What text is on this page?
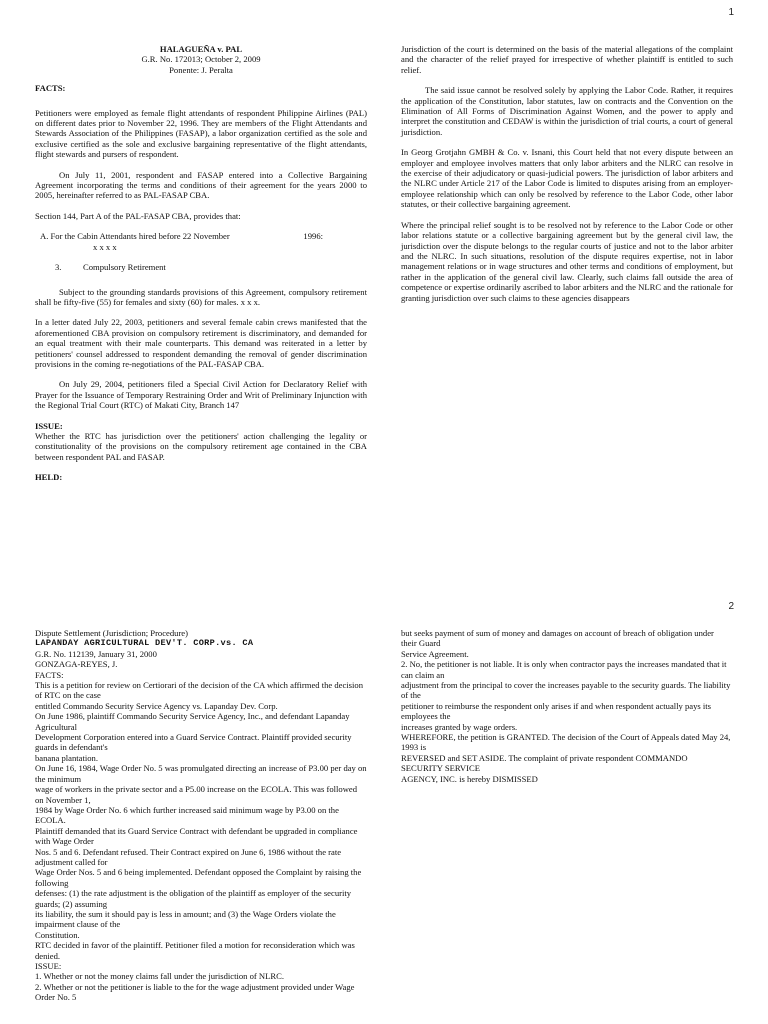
1
HALAGUEÑA v. PAL
G.R. No. 172013; October 2, 2009
Ponente: J. Peralta
FACTS:

Petitioners were employed as female flight attendants of respondent Philippine Airlines (PAL) on different dates prior to November 22, 1996. They are members of the Flight Attendants and Stewards Association of the Philippines (FASAP), a labor organization certified as the sole and exclusive certified as the sole and exclusive bargaining representative of the flight attendants, flight stewards and pursers of respondent.

On July 11, 2001, respondent and FASAP entered into a Collective Bargaining Agreement incorporating the terms and conditions of their agreement for the years 2000 to 2005, hereinafter referred to as PAL-FASAP CBA.

Section 144, Part A of the PAL-FASAP CBA, provides that:

A. For the Cabin Attendants hired before 22 November	1996:
x x x x
3.	Compulsory Retirement

Subject to the grounding standards provisions of this Agreement, compulsory retirement shall be fifty-five (55) for females and sixty (60) for males. x x x.

In a letter dated July 22, 2003, petitioners and several female cabin crews manifested that the aforementioned CBA provision on compulsory retirement is discriminatory, and demanded for an equal treatment with their male counterparts. This demand was reiterated in a letter by petitioners' counsel addressed to respondent demanding the removal of gender discrimination provisions in the coming re-negotiations of the PAL-FASAP CBA.

On July 29, 2004, petitioners filed a Special Civil Action for Declaratory Relief with Prayer for the Issuance of Temporary Restraining Order and Writ of Preliminary Injunction with the Regional Trial Court (RTC) of Makati City, Branch 147

ISSUE:

Whether the RTC has jurisdiction over the petitioners' action challenging the legality or constitutionality of the provisions on the compulsory retirement age contained in the CBA between respondent PAL and FASAP.

HELD:

Jurisdiction of the court is determined on the basis of the material allegations of the complaint and the character of the relief prayed for irrespective of whether plaintiff is entitled to such relief.

The said issue cannot be resolved solely by applying the Labor Code. Rather, it requires the application of the Constitution, labor statutes, law on contracts and the Convention on the Elimination of All Forms of Discrimination Against Women, and the power to apply and interpret the constitution and CEDAW is within the jurisdiction of trial courts, a court of general jurisdiction.

In Georg Grotjahn GMBH & Co. v. Isnani, this Court held that not every dispute between an employer and employee involves matters that only labor arbiters and the NLRC can resolve in the exercise of their adjudicatory or quasi-judicial powers. The jurisdiction of labor arbiters and the NLRC under Article 217 of the Labor Code is limited to disputes arising from an employer-employee relationship which can only be resolved by reference to the Labor Code, other labor statutes, or their collective bargaining agreement.

Where the principal relief sought is to be resolved not by reference to the Labor Code or other labor relations statute or a collective bargaining agreement but by the general civil law, the jurisdiction over the dispute belongs to the regular courts of justice and not to the labor arbiter and the NLRC. In such situations, resolution of the dispute requires expertise, not in labor management relations or in wage structures and other terms and conditions of employment, but rather in the application of the general civil law. Clearly, such claims fall outside the area of competence or expertise ordinarily ascribed to labor arbiters and the NLRC and the rationale for granting jurisdiction over such claims to these agencies disappears

2
Dispute Settlement (Jurisdiction; Procedure)
LAPANDAY AGRICULTURAL DEV'T. CORP.vs. CA
G.R. No. 112139, January 31, 2000
GONZAGA-REYES, J.
FACTS:
This is a petition for review on Certiorari of the decision of the CA which affirmed the decision of RTC on the case
entitled Commando Security Service Agency vs. Lapanday Dev. Corp.
On June 1986, plaintiff Commando Security Service Agency, Inc., and defendant Lapanday Agricultural
Development Corporation entered into a Guard Service Contract. Plaintiff provided security guards in defendant's
banana plantation.
On June 16, 1984, Wage Order No. 5 was promulgated directing an increase of P3.00 per day on the minimum
wage of workers in the private sector and a P5.00 increase on the ECOLA. This was followed on November 1,
1984 by Wage Order No. 6 which further increased said minimum wage by P3.00 on the ECOLA.
Plaintiff demanded that its Guard Service Contract with defendant be upgraded in compliance with Wage Order
Nos. 5 and 6. Defendant refused. Their Contract expired on June 6, 1986 without the rate adjustment called for
Wage Order Nos. 5 and 6 being implemented. Defendant opposed the Complaint by raising the following
defenses: (1) the rate adjustment is the obligation of the plaintiff as employer of the security guards; (2) assuming
its liability, the sum it should pay is less in amount; and (3) the Wage Orders violate the impairment clause of the
Constitution.
RTC decided in favor of the plaintiff. Petitioner filed a motion for reconsideration which was denied.
ISSUE:
1. Whether or not the money claims fall under the jurisdiction of NLRC.
2. Whether or not the petitioner is liable to the for the wage adjustment provided under Wage Order No. 5
but seeks payment of sum of money and damages on account of breach of obligation under their Guard
Service Agreement.
2. No, the petitioner is not liable. It is only when contractor pays the increases mandated that it can claim an
adjustment from the principal to cover the increases payable to the security guards. The liability of the
petitioner to reimburse the respondent only arises if and when respondent actually pays its employees the
increases granted by wage orders.
WHEREFORE, the petition is GRANTED. The decision of the Court of Appeals dated May 24, 1993 is
REVERSED and SET ASIDE. The complaint of private respondent COMMANDO SECURITY SERVICE
AGENCY, INC. is hereby DISMISSED
